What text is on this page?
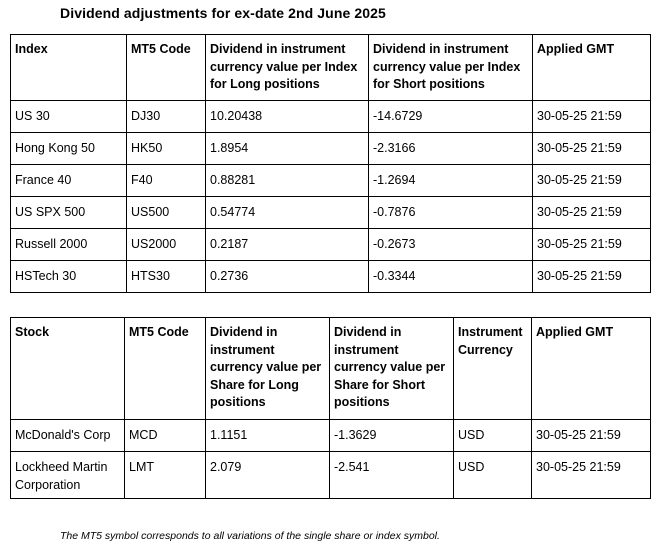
Dividend adjustments for ex-date 2nd June 2025
Index	MT5 Code	Dividend in instrument currency value per Index for Long positions	Dividend in instrument currency value per Index for Short positions	Applied GMT
US 30	DJ30	10.20438	-14.6729	30-05-25 21:59
Hong Kong 50	HK50	1.8954	-2.3166	30-05-25 21:59
France 40	F40	0.88281	-1.2694	30-05-25 21:59
US SPX 500	US500	0.54774	-0.7876	30-05-25 21:59
Russell 2000	US2000	0.2187	-0.2673	30-05-25 21:59
HSTech 30	HTS30	0.2736	-0.3344	30-05-25 21:59
Stock	MT5 Code	Dividend in instrument currency value per Share for Long positions	Dividend in instrument currency value per Share for Short positions	Instrument Currency	Applied GMT
McDonald's Corp	MCD	1.1151	-1.3629	USD	30-05-25 21:59
Lockheed Martin Corporation	LMT	2.079	-2.541	USD	30-05-25 21:59
The MT5 symbol corresponds to all variations of the single share or index symbol.
